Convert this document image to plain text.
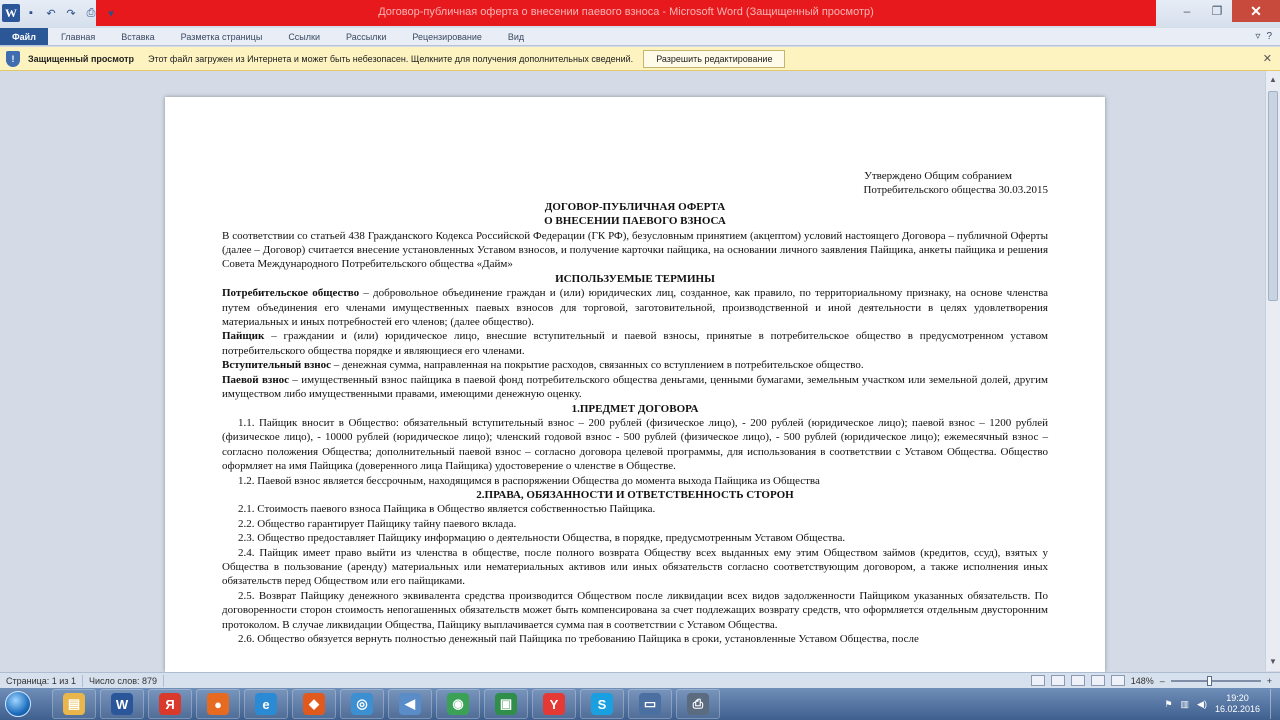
Договор-публичная оферта о внесении паевого взноса - Microsoft Word (Защищенный просмотр)
W	▪	↶ ↷ ⎙	▾	–	❐	✕
Файл	Главная	Вставка	Разметка страницы	Ссылки	Рассылки	Рецензирование	Вид	▿ ?
!	Защищенный просмотр Этот файл загружен из Интернета и может быть небезопасен. Щелкните для получения дополнительных сведений.	Разрешить редактирование	✕

Утверждено Общим собранием

Потребительского общества 30.03.2015

ДОГОВОР-ПУБЛИЧНАЯ ОФЕРТА

О ВНЕСЕНИИ ПАЕВОГО ВЗНОСА

В соответствии со статьей 438 Гражданского Кодекса Российской Федерации (ГК РФ), безусловным принятием (акцептом) условий настоящего Договора – публичной Оферты (далее – Договор) считается внесение установленных Уставом взносов, и получение карточки пайщика, на основании личного заявления Пайщика, анкеты пайщика и решения Совета Международного Потребительского общества «Дайм»

ИСПОЛЬЗУЕМЫЕ ТЕРМИНЫ

Потребительское общество – добровольное объединение граждан и (или) юридических лиц, созданное, как правило, по территориальному признаку, на основе членства путем объединения его членами имущественных паевых взносов для торговой, заготовительной, производственной и иной деятельности в целях удовлетворения материальных и иных потребностей его членов; (далее общество).

Пайщик – граждании и (или) юридическое лицо, внесшие вступительный и паевой взносы, принятые в потребительское общество в предусмотренном уставом потребительского общества порядке и являющиеся его членами.

Вступительный взнос – денежная сумма, направленная на покрытие расходов, связанных со вступлением в потребительское общество.

Паевой взнос – имущественный взнос пайщика в паевой фонд потребительского общества деньгами, ценными бумагами, земельным участком или земельной долей, другим имуществом либо имущественными правами, имеющими денежную оценку.

1.ПРЕДМЕТ ДОГОВОРА

1.1. Пайщик вносит в Общество: обязательный вступительный взнос – 200 рублей (физическое лицо), - 200 рублей (юридическое лицо); паевой взнос – 1200 рублей (физическое лицо), - 10000 рублей (юридическое лицо); членский годовой взнос - 500 рублей (физическое лицо), - 500 рублей (юридическое лицо); ежемесячный взнос – согласно положения Общества; дополнительный паевой взнос – согласно договора целевой программы, для использования в соответствии с Уставом Общества. Общество оформляет на имя Пайщика (доверенного лица Пайщика) удостоверение о членстве в Обществе.

1.2. Паевой взнос является бессрочным, находящимся в распоряжении Общества до момента выхода Пайщика из Общества

2.ПРАВА, ОБЯЗАННОСТИ И ОТВЕТСТВЕННОСТЬ СТОРОН

2.1. Стоимость паевого взноса Пайщика в Общество является собственностью Пайщика.

2.2. Общество гарантирует Пайщику тайну паевого вклада.

2.3. Общество предоставляет Пайщику информацию о деятельности Общества, в порядке, предусмотренным Уставом Общества.

2.4. Пайщик имеет право выйти из членства в обществе, после полного возврата Обществу всех выданных ему этим Обществом займов (кредитов, ссуд), взятых у Общества в пользование (аренду) материальных или нематериальных активов или иных обязательств согласно соответствующим договором, а также исполнения иных обязательств перед Обществом или его пайщиками.

2.5. Возврат Пайщику денежного эквивалента средства производится Обществом после ликвидации всех видов задолженности Пайщиком указанных обязательств. По договоренности сторон стоимость непогашенных обязательств может быть компенсирована за счет подлежащих возврату средств, что оформляется отдельным двусторонним протоколом. В случае ликвидации Общества, Пайщику выплачивается сумма пая в соответствии с Уставом Общества.

2.6. Общество обязуется вернуть полностью денежный пай Пайщика по требованию Пайщика в сроки, установленные Уставом Общества, после

▲
▼
Страница: 1 из 1	Число слов: 879	148% –	+
▤	W	Я	●	e	◆	◎	◀	◉	▣	Y	S	▭	⎙	⚑ ▥ ◀)
19:20
16.02.2016
